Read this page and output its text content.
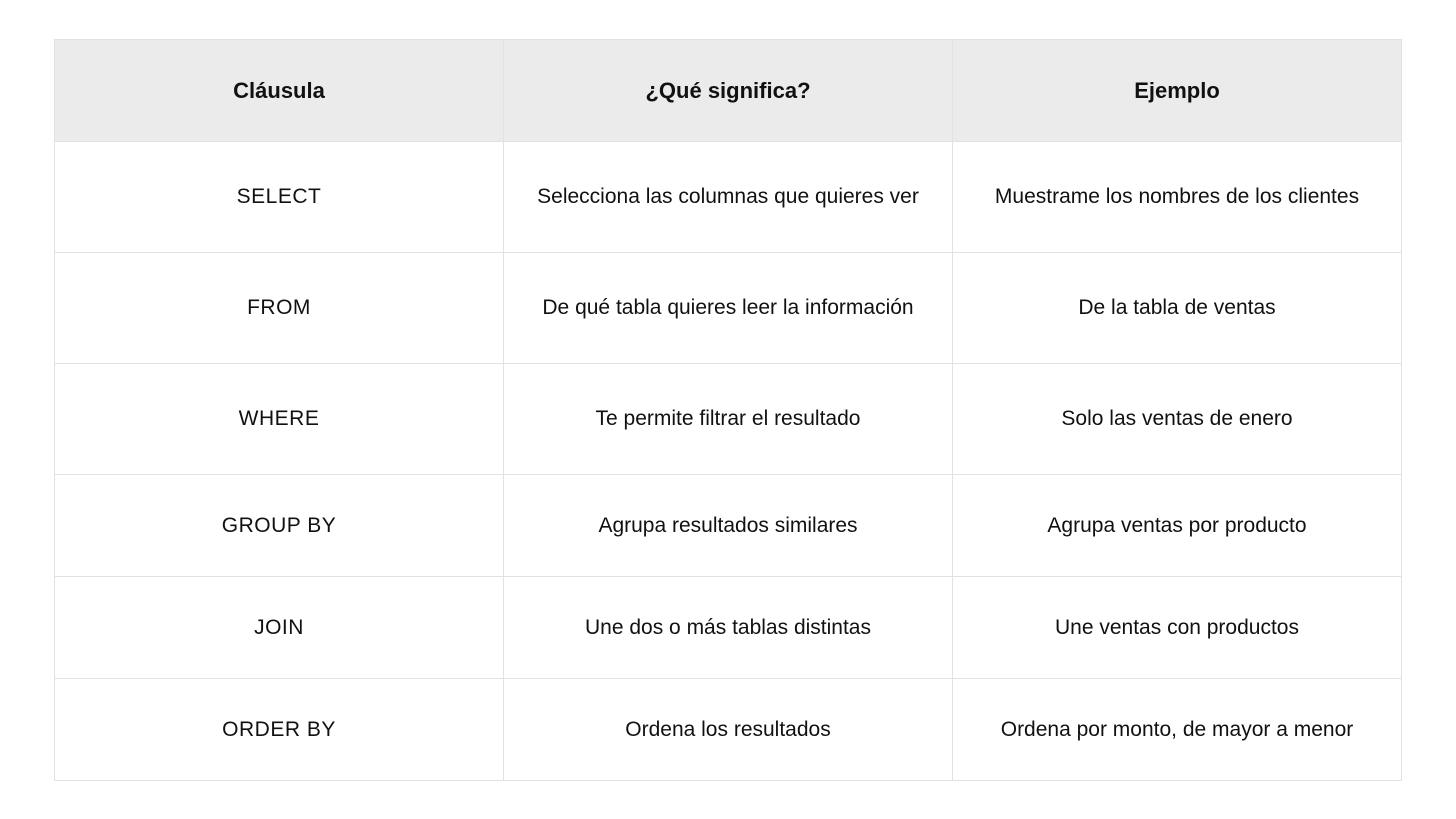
Cláusula	¿Qué significa?	Ejemplo
SELECT	Selecciona las columnas que quieres ver	Muestrame los nombres de los clientes
FROM	De qué tabla quieres leer la información	De la tabla de ventas
WHERE	Te permite filtrar el resultado	Solo las ventas de enero
GROUP BY	Agrupa resultados similares	Agrupa ventas por producto
JOIN	Une dos o más tablas distintas	Une ventas con productos
ORDER BY	Ordena los resultados	Ordena por monto, de mayor a menor
